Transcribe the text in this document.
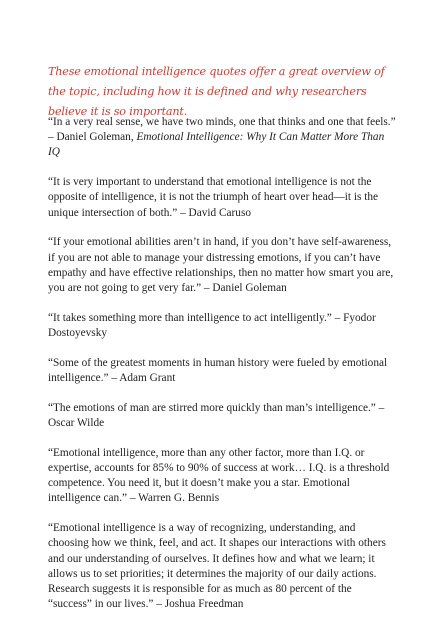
These emotional intelligence quotes offer a great overview of the topic, including how it is defined and why researchers believe it is so important.

“In a very real sense, we have two minds, one that thinks and one that feels.” – Daniel Goleman, Emotional Intelligence: Why It Can Matter More Than IQ

“It is very important to understand that emotional intelligence is not the opposite of intelligence, it is not the triumph of heart over head—it is the unique intersection of both.” – David Caruso

“If your emotional abilities aren’t in hand, if you don’t have self-awareness, if you are not able to manage your distressing emotions, if you can’t have empathy and have effective relationships, then no matter how smart you are, you are not going to get very far.” – Daniel Goleman

“It takes something more than intelligence to act intelligently.” – Fyodor Dostoyevsky

“Some of the greatest moments in human history were fueled by emotional intelligence.” – Adam Grant

“The emotions of man are stirred more quickly than man’s intelligence.” – Oscar Wilde

“Emotional intelligence, more than any other factor, more than I.Q. or expertise, accounts for 85% to 90% of success at work… I.Q. is a threshold competence. You need it, but it doesn’t make you a star. Emotional intelligence can.” – Warren G. Bennis

“Emotional intelligence is a way of recognizing, understanding, and choosing how we think, feel, and act. It shapes our interactions with others and our understanding of ourselves. It defines how and what we learn; it allows us to set priorities; it determines the majority of our daily actions. Research suggests it is responsible for as much as 80 percent of the “success” in our lives.” – Joshua Freedman
